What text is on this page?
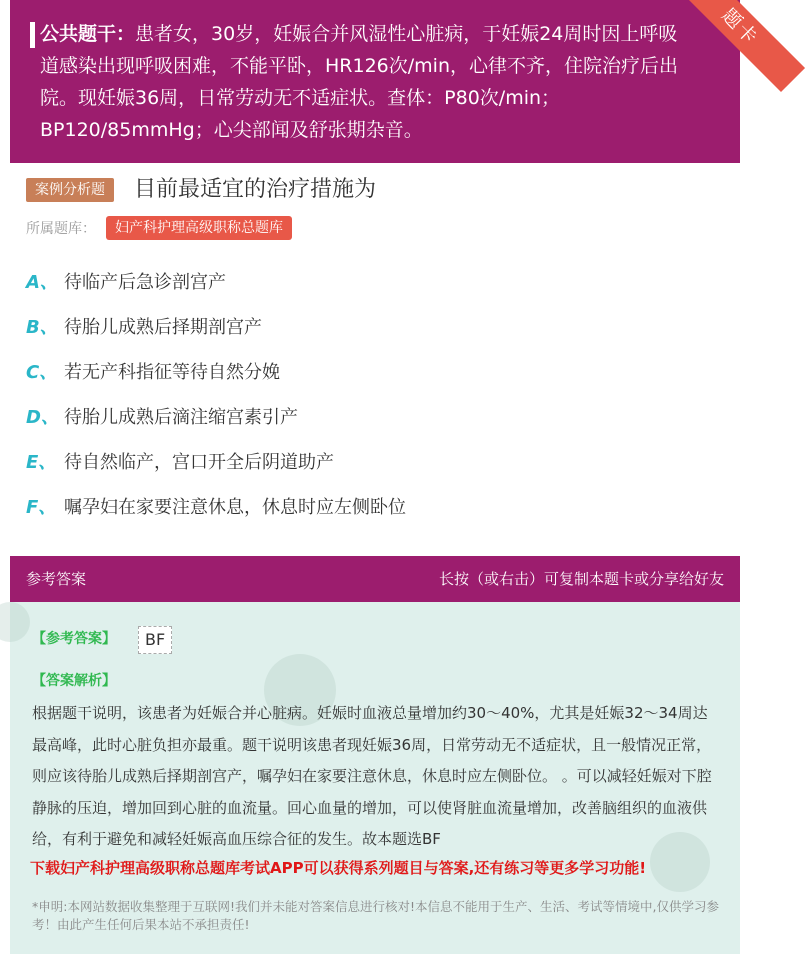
公共题干：患者女，30岁，妊娠合并风湿性心脏病，于妊娠24周时因上呼吸道感染出现呼吸困难，不能平卧，HR126次/min，心律不齐，住院治疗后出院。现妊娠36周，日常劳动无不适症状。查体：P80次/min；BP120/85mmHg；心尖部闻及舒张期杂音。
题卡
案例分析题	目前最适宜的治疗措施为
所属题库：	妇产科护理高级职称总题库
A、 待临产后急诊剖宫产
B、 待胎儿成熟后择期剖宫产
C、 若无产科指征等待自然分娩
D、 待胎儿成熟后滴注缩宫素引产
E、 待自然临产，宫口开全后阴道助产
F、 嘱孕妇在家要注意休息，休息时应左侧卧位
参考答案	长按（或右击）可复制本题卡或分享给好友
【参考答案】	BF
【答案解析】
根据题干说明，该患者为妊娠合并心脏病。妊娠时血液总量增加约30～40%，尤其是妊娠32～34周达最高峰，此时心脏负担亦最重。题干说明该患者现妊娠36周，日常劳动无不适症状，且一般情况正常，则应该待胎儿成熟后择期剖宫产，嘱孕妇在家要注意休息，休息时应左侧卧位。 。可以减轻妊娠对下腔静脉的压迫，增加回到心脏的血流量。回心血量的增加，可以使肾脏血流量增加，改善脑组织的血液供给，有利于避免和减轻妊娠高血压综合征的发生。故本题选BF
下载妇产科护理高级职称总题库考试APP可以获得系列题目与答案,还有练习等更多学习功能!
*申明:本网站数据收集整理于互联网!我们并未能对答案信息进行核对!本信息不能用于生产、生活、考试等情境中,仅供学习参考！由此产生任何后果本站不承担责任!
